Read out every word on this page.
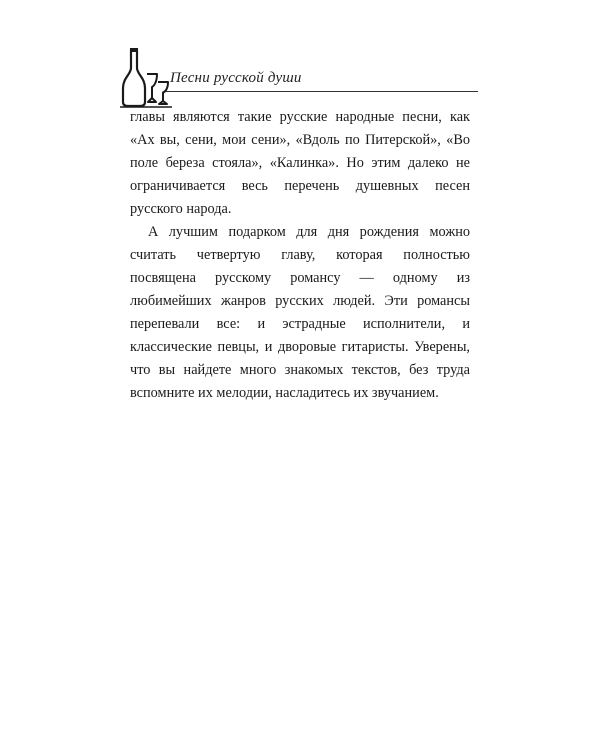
Песни русской души

главы являются такие русские народные песни, как «Ах вы, сени, мои сени», «Вдоль по Питерской», «Во поле береза стояла», «Калинка». Но этим далеко не ограничивается весь перечень душевных песен русского народа.

А лучшим подарком для дня рождения можно считать четвертую главу, которая полностью посвящена русскому романсу — одному из любимейших жанров русских людей. Эти романсы перепевали все: и эстрадные исполнители, и классические певцы, и дворовые гитаристы. Уверены, что вы найдете много знакомых текстов, без труда вспомните их мелодии, насладитесь их звучанием.
